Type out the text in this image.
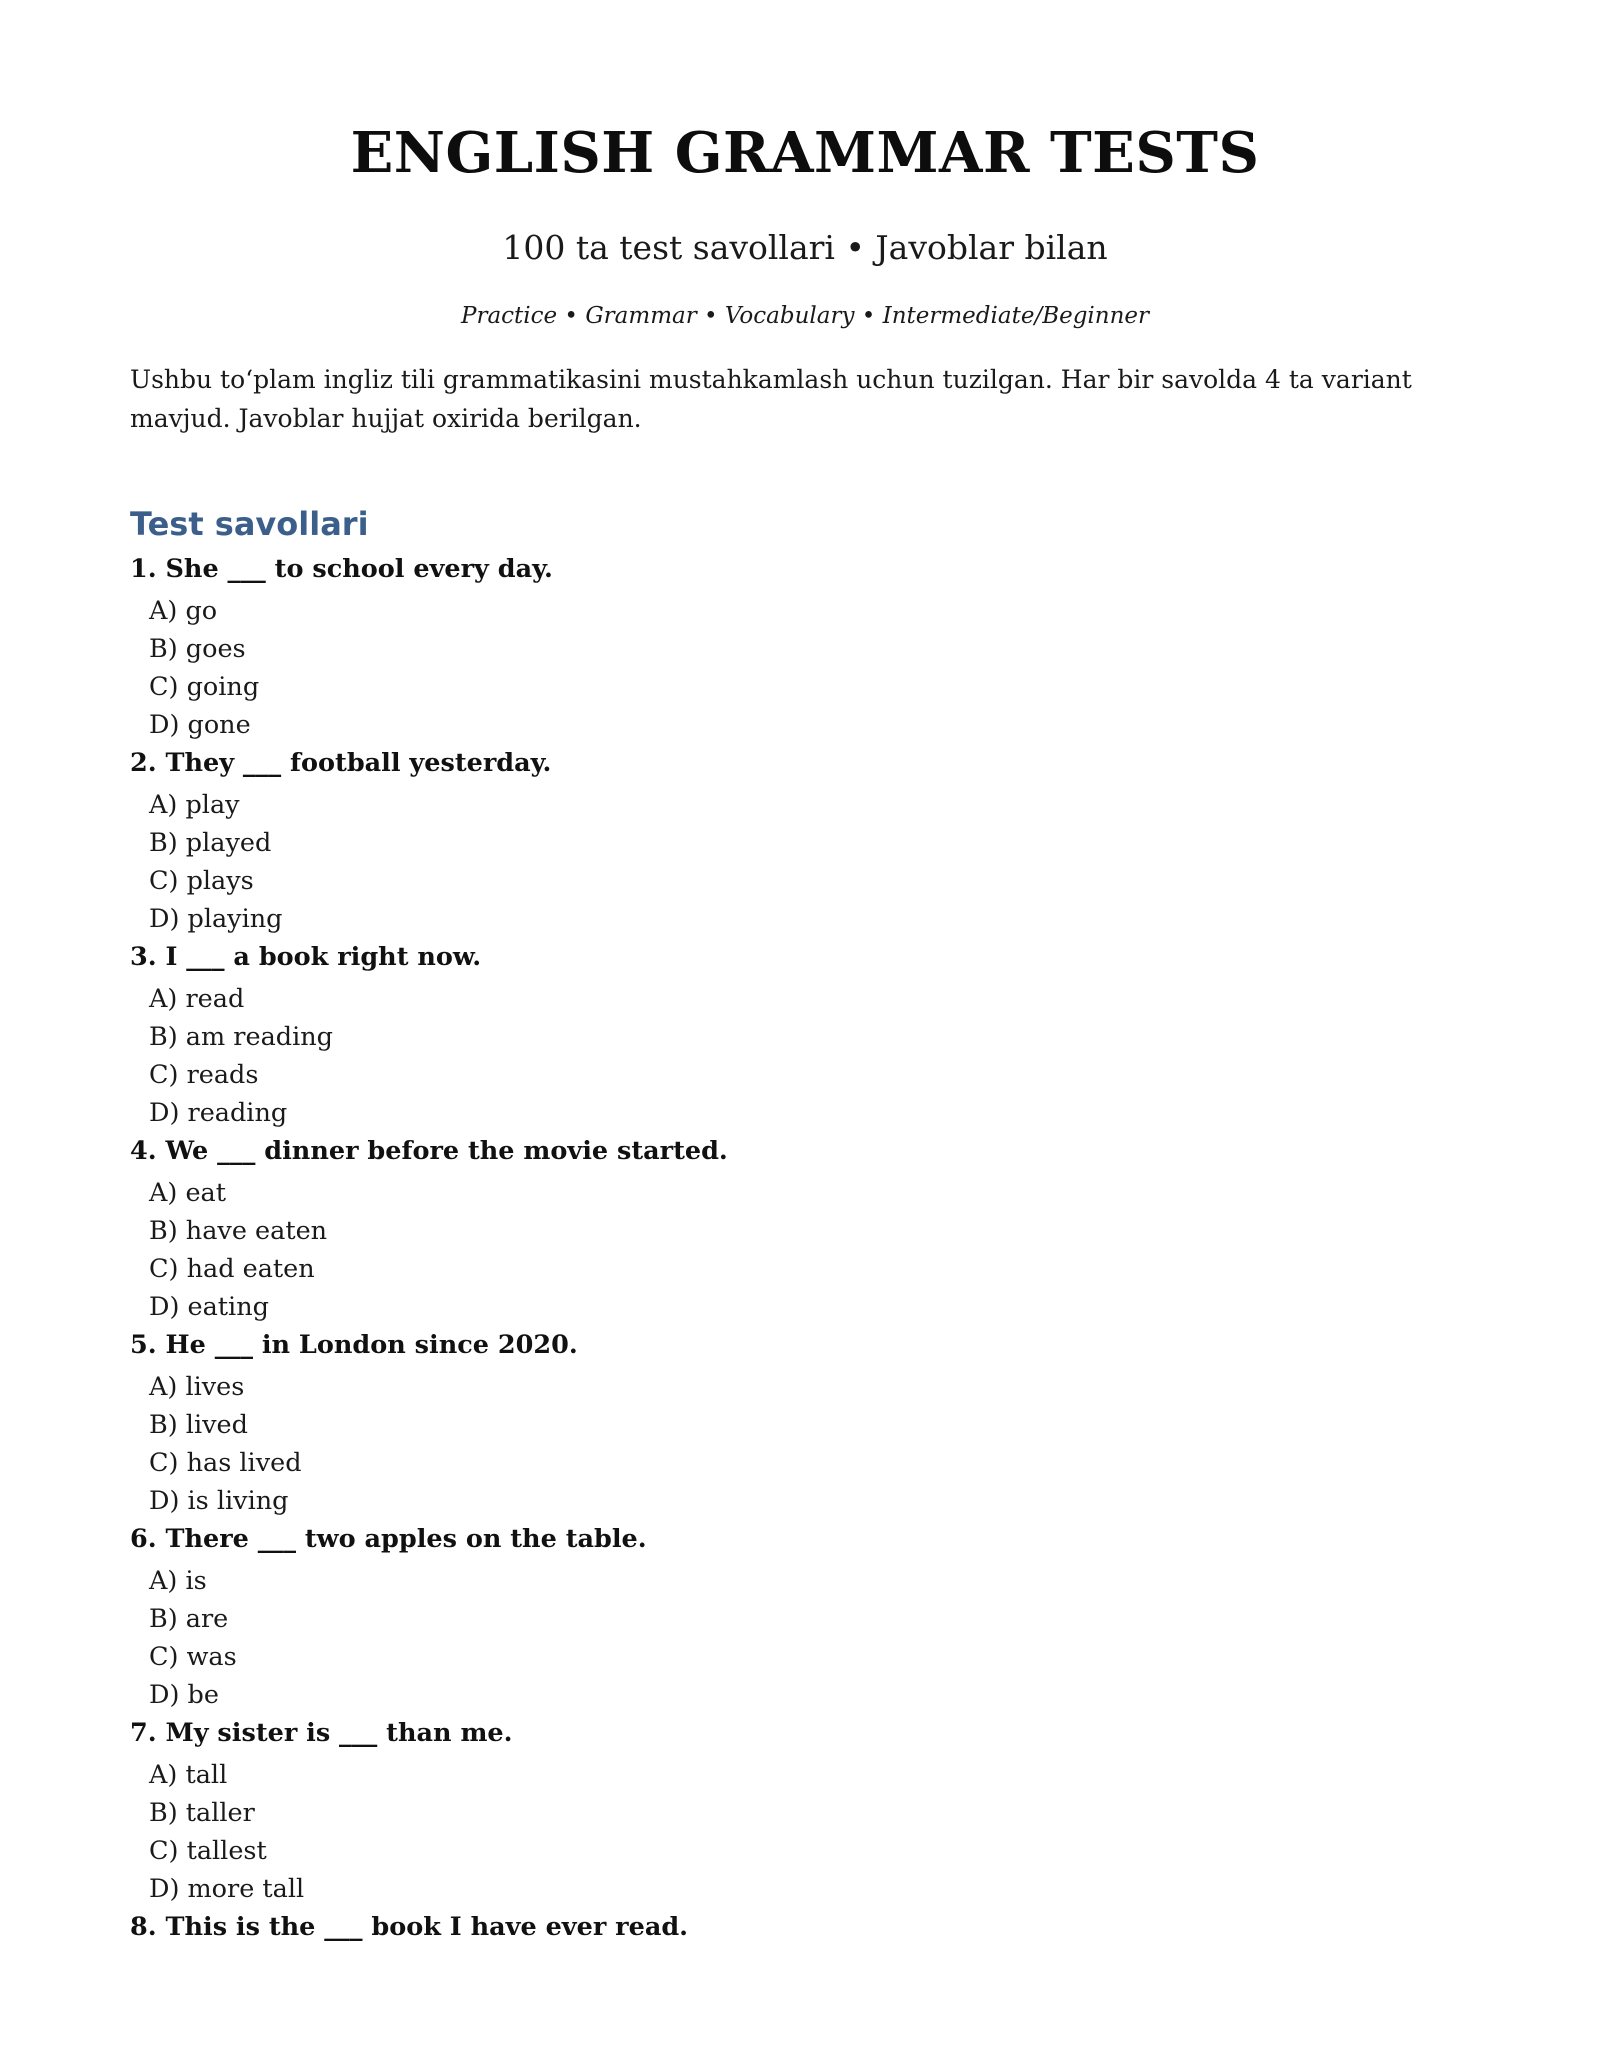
ENGLISH GRAMMAR TESTS
100 ta test savollari • Javoblar bilan
Practice • Grammar • Vocabulary • Intermediate/Beginner
Ushbu to‘plam ingliz tili grammatikasini mustahkamlash uchun tuzilgan. Har bir savolda 4 ta variant mavjud. Javoblar hujjat oxirida berilgan.
Test savollari
1. She ___ to school every day.
A) go
B) goes
C) going
D) gone
2. They ___ football yesterday.
A) play
B) played
C) plays
D) playing
3. I ___ a book right now.
A) read
B) am reading
C) reads
D) reading
4. We ___ dinner before the movie started.
A) eat
B) have eaten
C) had eaten
D) eating
5. He ___ in London since 2020.
A) lives
B) lived
C) has lived
D) is living
6. There ___ two apples on the table.
A) is
B) are
C) was
D) be
7. My sister is ___ than me.
A) tall
B) taller
C) tallest
D) more tall
8. This is the ___ book I have ever read.
